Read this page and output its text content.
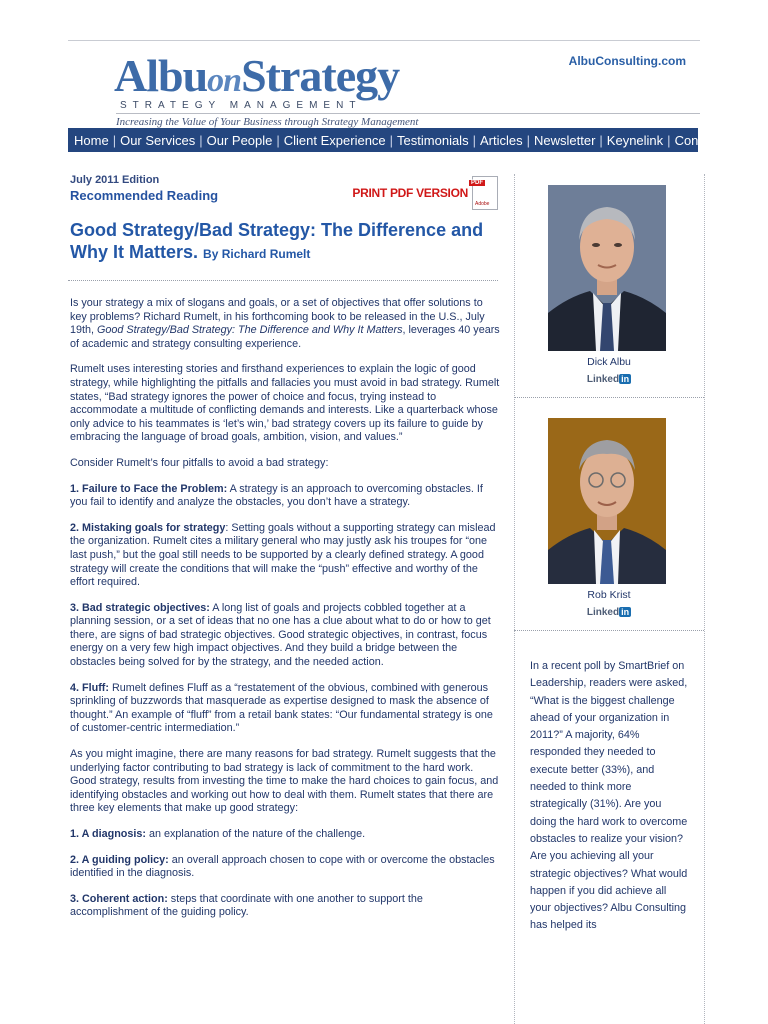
AlbuonStrategy
STRATEGY MANAGEMENT
Increasing the Value of Your Business through Strategy Management
AlbuConsulting.com
Home | Our Services | Our People | Client Experience | Testimonials | Articles | Newsletter | Keynelink | Contact us
July 2011 Edition
Recommended Reading	PRINT PDF VERSION
PDF
Adobe
Good Strategy/Bad Strategy: The Difference and Why It Matters. By Richard Rumelt

Is your strategy a mix of slogans and goals, or a set of objectives that offer solutions to key problems? Richard Rumelt, in his forthcoming book to be released in the U.S., July 19th, Good Strategy/Bad Strategy: The Difference and Why It Matters, leverages 40 years of academic and strategy consulting experience.

Rumelt uses interesting stories and firsthand experiences to explain the logic of good strategy, while highlighting the pitfalls and fallacies you must avoid in bad strategy. Rumelt states, “Bad strategy ignores the power of choice and focus, trying instead to accommodate a multitude of conflicting demands and interests. Like a quarterback whose only advice to his teammates is ‘let’s win,’ bad strategy covers up its failure to guide by embracing the language of broad goals, ambition, vision, and values.”

Consider Rumelt’s four pitfalls to avoid a bad strategy:

1. Failure to Face the Problem: A strategy is an approach to overcoming obstacles. If you fail to identify and analyze the obstacles, you don’t have a strategy.

2. Mistaking goals for strategy: Setting goals without a supporting strategy can mislead the organization. Rumelt cites a military general who may justly ask his troupes for “one last push,” but the goal still needs to be supported by a clearly defined strategy. A good strategy will create the conditions that will make the “push” effective and worthy of the effort required.

3. Bad strategic objectives: A long list of goals and projects cobbled together at a planning session, or a set of ideas that no one has a clue about what to do or how to get there, are signs of bad strategic objectives. Good strategic objectives, in contrast, focus energy on a very few high impact objectives. And they build a bridge between the obstacles being solved for by the strategy, and the needed action.

4. Fluff: Rumelt defines Fluff as a “restatement of the obvious, combined with generous sprinkling of buzzwords that masquerade as expertise designed to mask the absence of thought.” An example of “fluff” from a retail bank states: “Our fundamental strategy is one of customer-centric intermediation.”

As you might imagine, there are many reasons for bad strategy. Rumelt suggests that the underlying factor contributing to bad strategy is lack of commitment to the hard work. Good strategy, results from investing the time to make the hard choices to gain focus, and identifying obstacles and working out how to deal with them. Rumelt states that there are three key elements that make up good strategy:

1. A diagnosis: an explanation of the nature of the challenge.

2. A guiding policy: an overall approach chosen to cope with or overcome the obstacles identified in the diagnosis.

3. Coherent action: steps that coordinate with one another to support the accomplishment of the guiding policy.

Dick Albu
Linked in
Rob Krist
Linked in
In a recent poll by SmartBrief on Leadership, readers were asked, “What is the biggest challenge ahead of your organization in 2011?” A majority, 64% responded they needed to execute better (33%), and needed to think more strategically (31%). Are you doing the hard work to overcome obstacles to realize your vision? Are you achieving all your strategic objectives? What would happen if you did achieve all your objectives? Albu Consulting has helped its
